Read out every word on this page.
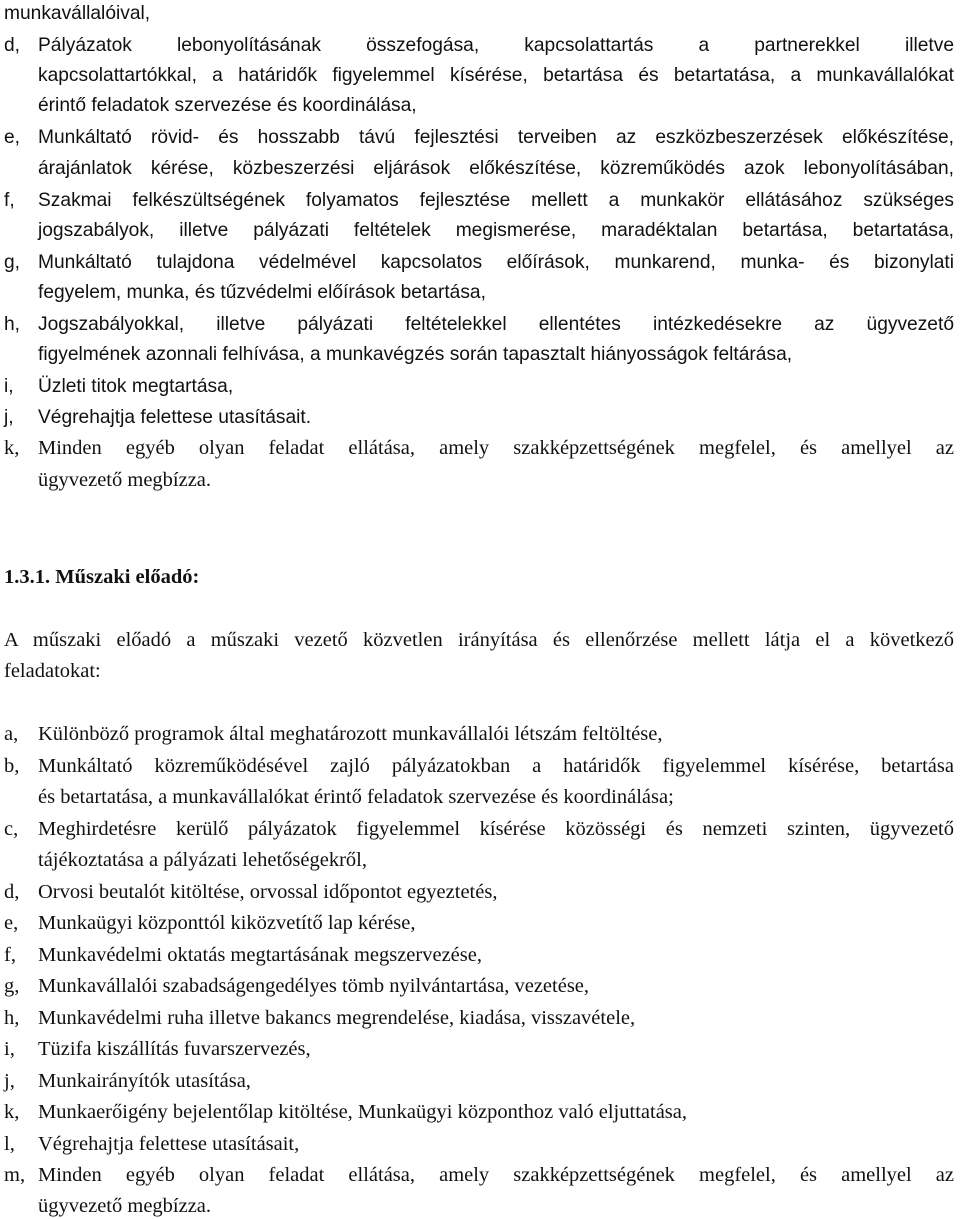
munkavállalóival,
d, Pályázatok lebonyolításának összefogása, kapcsolattartás a partnerekkel illetve
kapcsolattartókkal, a határidők figyelemmel kísérése, betartása és betartatása, a munkavállalókat
érintő feladatok szervezése és koordinálása,
e, Munkáltató rövid- és hosszabb távú fejlesztési terveiben az eszközbeszerzések előkészítése,
árajánlatok kérése, közbeszerzési eljárások előkészítése, közreműködés azok lebonyolításában,
f, Szakmai felkészültségének folyamatos fejlesztése mellett a munkakör ellátásához szükséges
jogszabályok, illetve pályázati feltételek megismerése, maradéktalan betartása, betartatása,
g, Munkáltató tulajdona védelmével kapcsolatos előírások, munkarend, munka- és bizonylati
fegyelem, munka, és tűzvédelmi előírások betartása,
h, Jogszabályokkal, illetve pályázati feltételekkel ellentétes intézkedésekre az ügyvezető
figyelmének azonnali felhívása, a munkavégzés során tapasztalt hiányosságok feltárása,
i, Üzleti titok megtartása,
j, Végrehajtja felettese utasításait.
k, Minden egyéb olyan feladat ellátása, amely szakképzettségének megfelel, és amellyel az
ügyvezető megbízza.
1.3.1. Műszaki előadó:
A műszaki előadó a műszaki vezető közvetlen irányítása és ellenőrzése mellett látja el a következő
feladatokat:
a, Különböző programok által meghatározott munkavállalói létszám feltöltése,
b, Munkáltató közreműködésével zajló pályázatokban a határidők figyelemmel kísérése, betartása
és betartatása, a munkavállalókat érintő feladatok szervezése és koordinálása;
c, Meghirdetésre kerülő pályázatok figyelemmel kísérése közösségi és nemzeti szinten, ügyvezető
tájékoztatása a pályázati lehetőségekről,
d, Orvosi beutalót kitöltése, orvossal időpontot egyeztetés,
e, Munkaügyi központtól kiközvetítő lap kérése,
f, Munkavédelmi oktatás megtartásának megszervezése,
g, Munkavállalói szabadságengedélyes tömb nyilvántartása, vezetése,
h, Munkavédelmi ruha illetve bakancs megrendelése, kiadása, visszavétele,
i, Tüzifa kiszállítás fuvarszervezés,
j, Munkairányítók utasítása,
k, Munkaerőigény bejelentőlap kitöltése, Munkaügyi központhoz való eljuttatása,
l, Végrehajtja felettese utasításait,
m, Minden egyéb olyan feladat ellátása, amely szakképzettségének megfelel, és amellyel az
ügyvezető megbízza.
